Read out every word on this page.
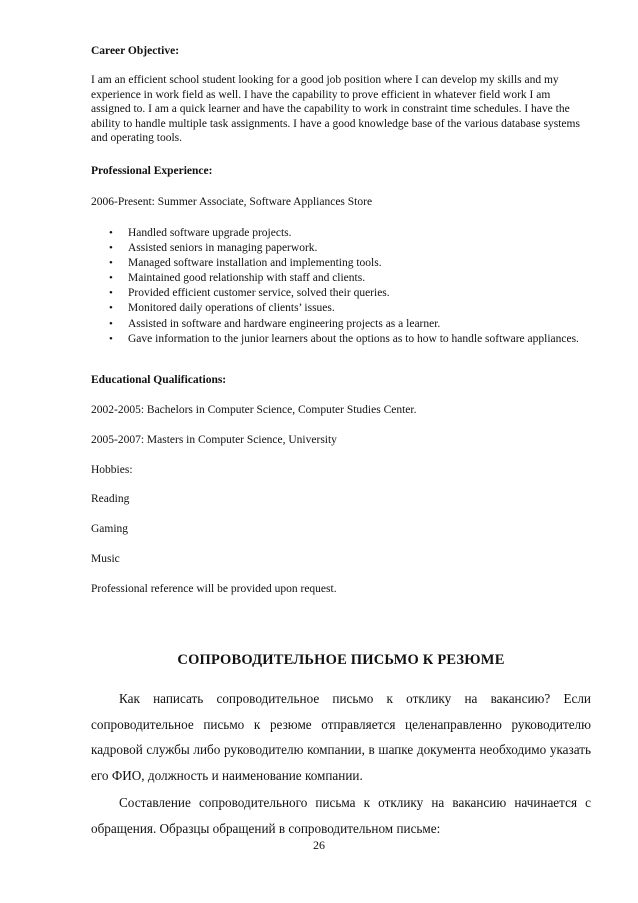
Career Objective:

I am an efficient school student looking for a good job position where I can develop my skills and my experience in work field as well. I have the capability to prove efficient in whatever field work I am assigned to. I am a quick learner and have the capability to work in constraint time schedules. I have the ability to handle multiple task assignments. I have a good knowledge base of the various database systems and operating tools.

Professional Experience:

2006-Present: Summer Associate, Software Appliances Store

• Handled software upgrade projects.
• Assisted seniors in managing paperwork.
• Managed software installation and implementing tools.
• Maintained good relationship with staff and clients.
• Provided efficient customer service, solved their queries.
• Monitored daily operations of clients’ issues.
• Assisted in software and hardware engineering projects as a learner.
• Gave information to the junior learners about the options as to how to handle software appliances.

Educational Qualifications:

2002-2005: Bachelors in Computer Science, Computer Studies Center.

2005-2007: Masters in Computer Science, University

Hobbies:

Reading

Gaming

Music

Professional reference will be provided upon request.

СОПРОВОДИТЕЛЬНОЕ ПИСЬМО К РЕЗЮМЕ

Как написать сопроводительное письмо к отклику на вакансию? Если сопроводительное письмо к резюме отправляется целенаправленно руководителю кадровой службы либо руководителю компании, в шапке документа необходимо указать его ФИО, должность и наименование компании.

Составление сопроводительного письма к отклику на вакансию начинается с обращения. Образцы обращений в сопроводительном письме:

26
